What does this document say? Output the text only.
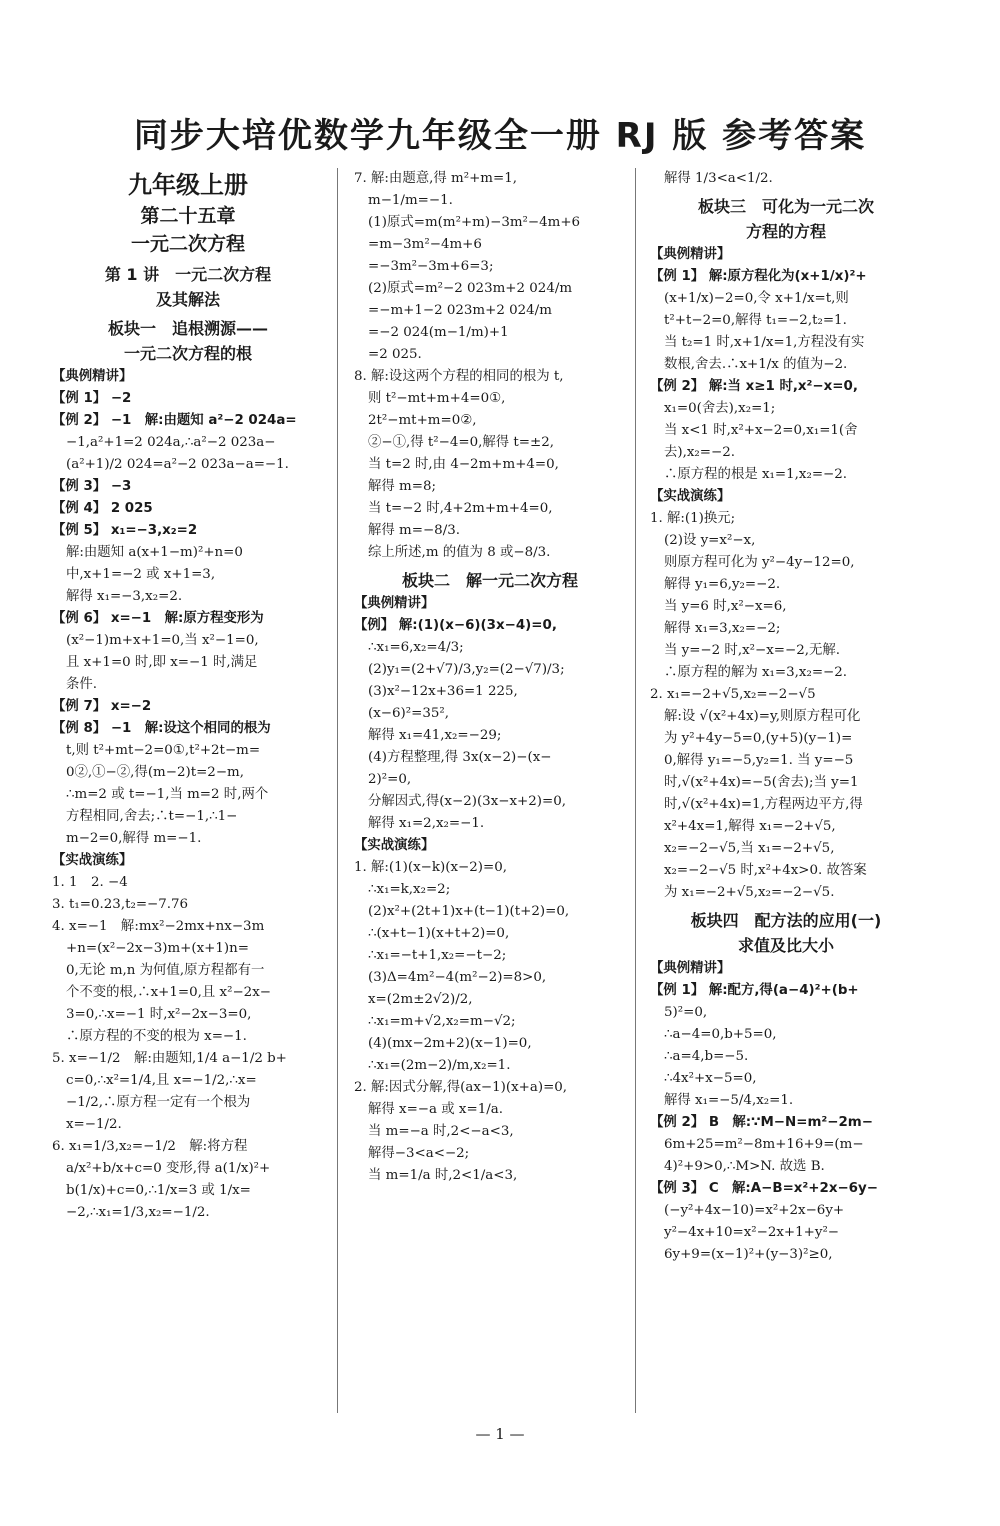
同步大培优数学九年级全一册 RJ 版 参考答案
九年级上册
第二十五章
一元二次方程
第 1 讲　一元二次方程
及其解法
板块一　追根溯源——
一元二次方程的根
【典例精讲】
【例 1】 −2
【例 2】 −1　解:由题知 a²−2 024a=
−1,a²+1=2 024a,∴a²−2 023a−
(a²+1)/2 024=a²−2 023a−a=−1.
【例 3】 −3
【例 4】 2 025
【例 5】 x₁=−3,x₂=2
解:由题知 a(x+1−m)²+n=0
中,x+1=−2 或 x+1=3,
解得 x₁=−3,x₂=2.
【例 6】 x=−1　解:原方程变形为
(x²−1)m+x+1=0,当 x²−1=0,
且 x+1=0 时,即 x=−1 时,满足
条件.
【例 7】 x=−2
【例 8】 −1　解:设这个相同的根为
t,则 t²+mt−2=0①,t²+2t−m=
0②,①−②,得(m−2)t=2−m,
∴m=2 或 t=−1,当 m=2 时,两个
方程相同,舍去;∴t=−1,∴1−
m−2=0,解得 m=−1.
【实战演练】
1. 1　2. −4
3. t₁=0.23,t₂=−7.76
4. x=−1　解:mx²−2mx+nx−3m
+n=(x²−2x−3)m+(x+1)n=
0,无论 m,n 为何值,原方程都有一
个不变的根,∴x+1=0,且 x²−2x−
3=0,∴x=−1 时,x²−2x−3=0,
∴原方程的不变的根为 x=−1.
5. x=−1/2　解:由题知,1/4 a−1/2 b+
c=0,∴x²=1/4,且 x=−1/2,∴x=
−1/2,∴原方程一定有一个根为
x=−1/2.
6. x₁=1/3,x₂=−1/2　解:将方程
a/x²+b/x+c=0 变形,得 a(1/x)²+
b(1/x)+c=0,∴1/x=3 或 1/x=
−2,∴x₁=1/3,x₂=−1/2.
7. 解:由题意,得 m²+m=1,
m−1/m=−1.
(1)原式=m(m²+m)−3m²−4m+6
=m−3m²−4m+6
=−3m²−3m+6=3;
(2)原式=m²−2 023m+2 024/m
=−m+1−2 023m+2 024/m
=−2 024(m−1/m)+1
=2 025.
8. 解:设这两个方程的相同的根为 t,
则 t²−mt+m+4=0①,
2t²−mt+m=0②,
②−①,得 t²−4=0,解得 t=±2,
当 t=2 时,由 4−2m+m+4=0,
解得 m=8;
当 t=−2 时,4+2m+m+4=0,
解得 m=−8/3.
综上所述,m 的值为 8 或−8/3.
板块二　解一元二次方程
【典例精讲】
【例】 解:(1)(x−6)(3x−4)=0,
∴x₁=6,x₂=4/3;
(2)y₁=(2+√7)/3,y₂=(2−√7)/3;
(3)x²−12x+36=1 225,
(x−6)²=35²,
解得 x₁=41,x₂=−29;
(4)方程整理,得 3x(x−2)−(x−
2)²=0,
分解因式,得(x−2)(3x−x+2)=0,
解得 x₁=2,x₂=−1.
【实战演练】
1. 解:(1)(x−k)(x−2)=0,
∴x₁=k,x₂=2;
(2)x²+(2t+1)x+(t−1)(t+2)=0,
∴(x+t−1)(x+t+2)=0,
∴x₁=−t+1,x₂=−t−2;
(3)Δ=4m²−4(m²−2)=8>0,
x=(2m±2√2)/2,
∴x₁=m+√2,x₂=m−√2;
(4)(mx−2m+2)(x−1)=0,
∴x₁=(2m−2)/m,x₂=1.
2. 解:因式分解,得(ax−1)(x+a)=0,
解得 x=−a 或 x=1/a.
当 m=−a 时,2<−a<3,
解得−3<a<−2;
当 m=1/a 时,2<1/a<3,
解得 1/3<a<1/2.
板块三　可化为一元二次
方程的方程
【典例精讲】
【例 1】 解:原方程化为(x+1/x)²+
(x+1/x)−2=0,令 x+1/x=t,则
t²+t−2=0,解得 t₁=−2,t₂=1.
当 t₂=1 时,x+1/x=1,方程没有实
数根,舍去.∴x+1/x 的值为−2.
【例 2】 解:当 x≥1 时,x²−x=0,
x₁=0(舍去),x₂=1;
当 x<1 时,x²+x−2=0,x₁=1(舍
去),x₂=−2.
∴原方程的根是 x₁=1,x₂=−2.
【实战演练】
1. 解:(1)换元;
(2)设 y=x²−x,
则原方程可化为 y²−4y−12=0,
解得 y₁=6,y₂=−2.
当 y=6 时,x²−x=6,
解得 x₁=3,x₂=−2;
当 y=−2 时,x²−x=−2,无解.
∴原方程的解为 x₁=3,x₂=−2.
2. x₁=−2+√5,x₂=−2−√5
解:设 √(x²+4x)=y,则原方程可化
为 y²+4y−5=0,(y+5)(y−1)=
0,解得 y₁=−5,y₂=1. 当 y=−5
时,√(x²+4x)=−5(舍去);当 y=1
时,√(x²+4x)=1,方程两边平方,得
x²+4x=1,解得 x₁=−2+√5,
x₂=−2−√5,当 x₁=−2+√5,
x₂=−2−√5 时,x²+4x>0. 故答案
为 x₁=−2+√5,x₂=−2−√5.
板块四　配方法的应用(一)
求值及比大小
【典例精讲】
【例 1】 解:配方,得(a−4)²+(b+
5)²=0,
∴a−4=0,b+5=0,
∴a=4,b=−5.
∴4x²+x−5=0,
解得 x₁=−5/4,x₂=1.
【例 2】 B　解:∵M−N=m²−2m−
6m+25=m²−8m+16+9=(m−
4)²+9>0,∴M>N. 故选 B.
【例 3】 C　解:A−B=x²+2x−6y−
(−y²+4x−10)=x²+2x−6y+
y²−4x+10=x²−2x+1+y²−
6y+9=(x−1)²+(y−3)²≥0,
— 1 —
